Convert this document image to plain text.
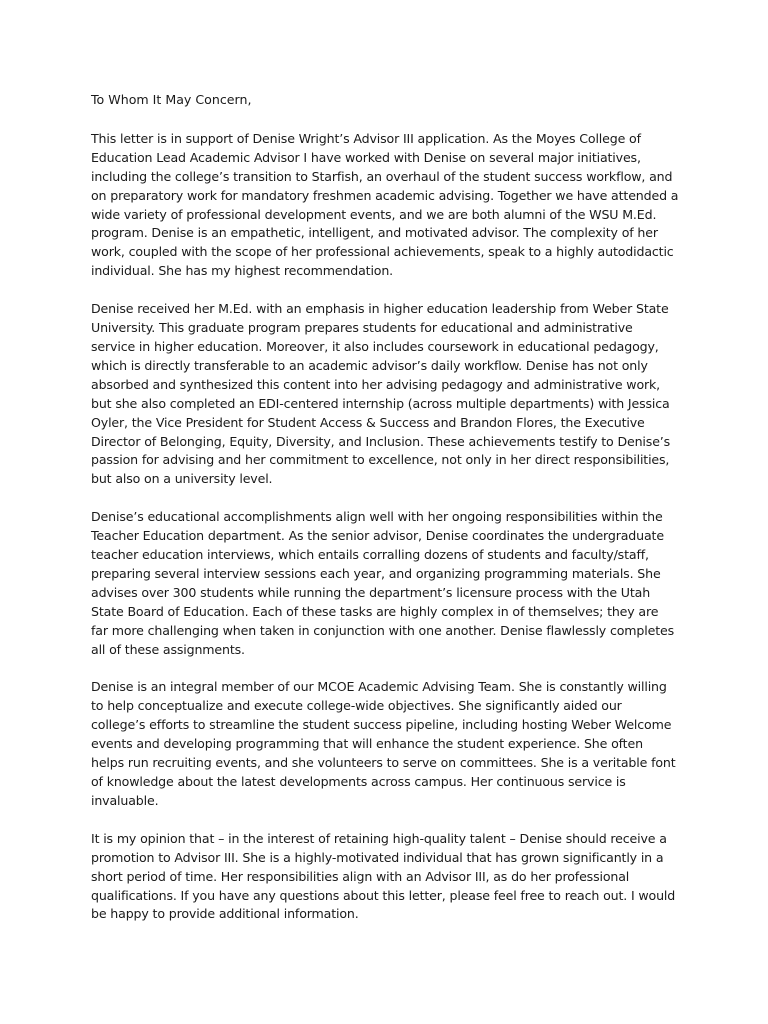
To Whom It May Concern,

This letter is in support of Denise Wright’s Advisor III application. As the Moyes College of Education Lead Academic Advisor I have worked with Denise on several major initiatives, including the college’s transition to Starfish, an overhaul of the student success workflow, and on preparatory work for mandatory freshmen academic advising. Together we have attended a wide variety of professional development events, and we are both alumni of the WSU M.Ed. program. Denise is an empathetic, intelligent, and motivated advisor. The complexity of her work, coupled with the scope of her professional achievements, speak to a highly autodidactic individual. She has my highest recommendation.

Denise received her M.Ed. with an emphasis in higher education leadership from Weber State University. This graduate program prepares students for educational and administrative service in higher education. Moreover, it also includes coursework in educational pedagogy, which is directly transferable to an academic advisor’s daily workflow. Denise has not only absorbed and synthesized this content into her advising pedagogy and administrative work, but she also completed an EDI-centered internship (across multiple departments) with Jessica Oyler, the Vice President for Student Access & Success and Brandon Flores, the Executive Director of Belonging, Equity, Diversity, and Inclusion. These achievements testify to Denise’s passion for advising and her commitment to excellence, not only in her direct responsibilities, but also on a university level.

Denise’s educational accomplishments align well with her ongoing responsibilities within the Teacher Education department. As the senior advisor, Denise coordinates the undergraduate teacher education interviews, which entails corralling dozens of students and faculty/staff, preparing several interview sessions each year, and organizing programming materials. She advises over 300 students while running the department’s licensure process with the Utah State Board of Education. Each of these tasks are highly complex in of themselves; they are far more challenging when taken in conjunction with one another. Denise flawlessly completes all of these assignments.

Denise is an integral member of our MCOE Academic Advising Team. She is constantly willing to help conceptualize and execute college-wide objectives. She significantly aided our college’s efforts to streamline the student success pipeline, including hosting Weber Welcome events and developing programming that will enhance the student experience. She often helps run recruiting events, and she volunteers to serve on committees. She is a veritable font of knowledge about the latest developments across campus. Her continuous service is invaluable.

It is my opinion that – in the interest of retaining high-quality talent – Denise should receive a promotion to Advisor III. She is a highly-motivated individual that has grown significantly in a short period of time. Her responsibilities align with an Advisor III, as do her professional qualifications. If you have any questions about this letter, please feel free to reach out. I would be happy to provide additional information.
